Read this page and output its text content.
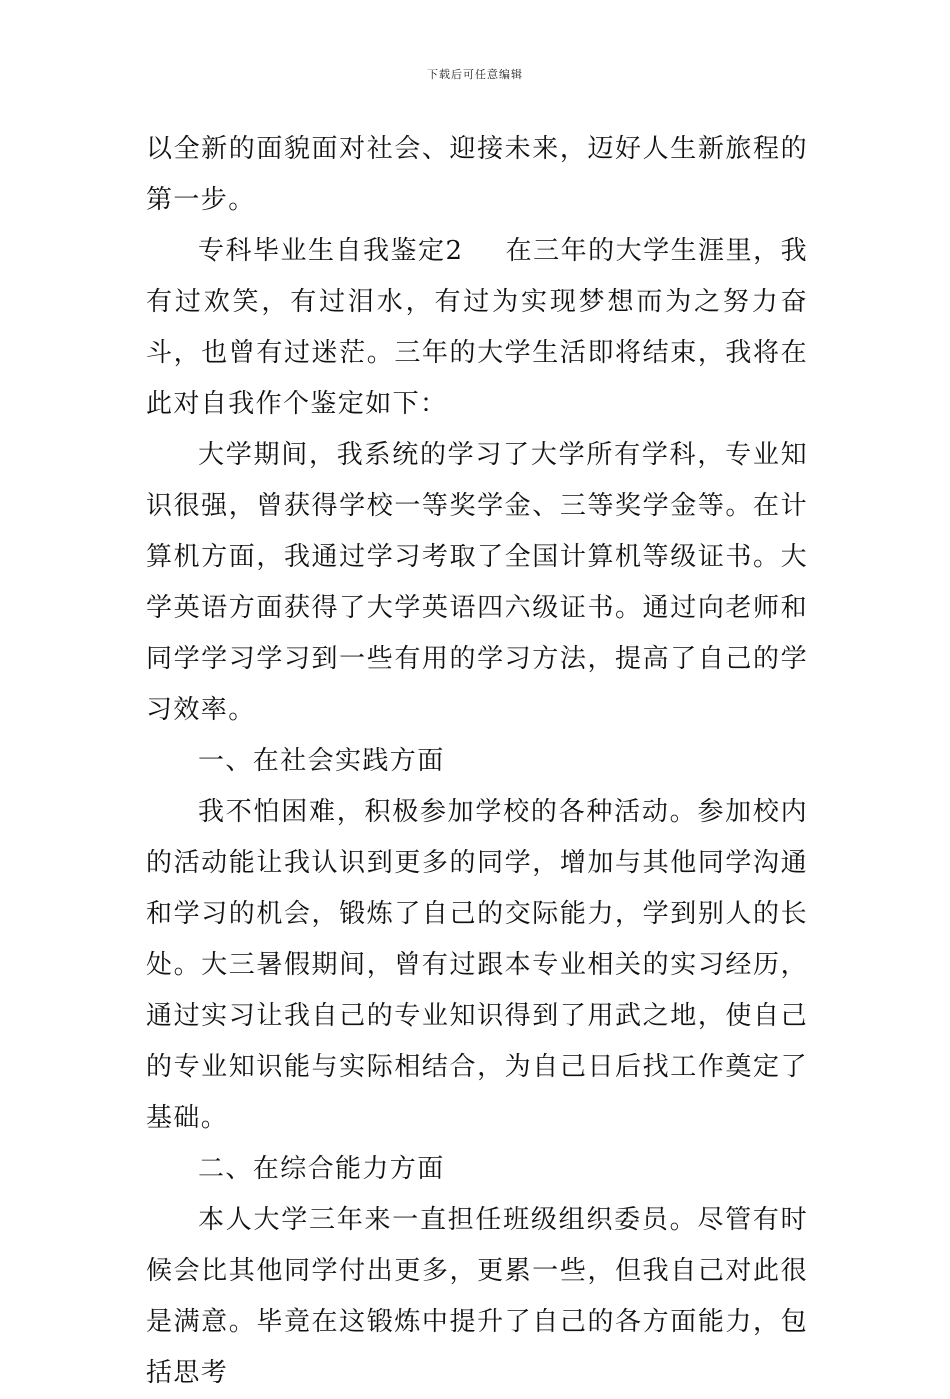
下载后可任意编辑

以全新的面貌面对社会、迎接未来，迈好人生新旅程的第一步。

专科毕业生自我鉴定2 在三年的大学生涯里，我有过欢笑，有过泪水，有过为实现梦想而为之努力奋斗，也曾有过迷茫。三年的大学生活即将结束，我将在此对自我作个鉴定如下：

大学期间，我系统的学习了大学所有学科，专业知识很强，曾获得学校一等奖学金、三等奖学金等。在计算机方面，我通过学习考取了全国计算机等级证书。大学英语方面获得了大学英语四六级证书。通过向老师和同学学习学习到一些有用的学习方法，提高了自己的学习效率。

一、在社会实践方面

我不怕困难，积极参加学校的各种活动。参加校内的活动能让我认识到更多的同学，增加与其他同学沟通和学习的机会，锻炼了自己的交际能力，学到别人的长处。大三暑假期间，曾有过跟本专业相关的实习经历，通过实习让我自己的专业知识得到了用武之地，使自己的专业知识能与实际相结合，为自己日后找工作奠定了基础。

二、在综合能力方面

本人大学三年来一直担任班级组织委员。尽管有时候会比其他同学付出更多，更累一些，但我自己对此很是满意。毕竟在这锻炼中提升了自己的各方面能力，包括思考
